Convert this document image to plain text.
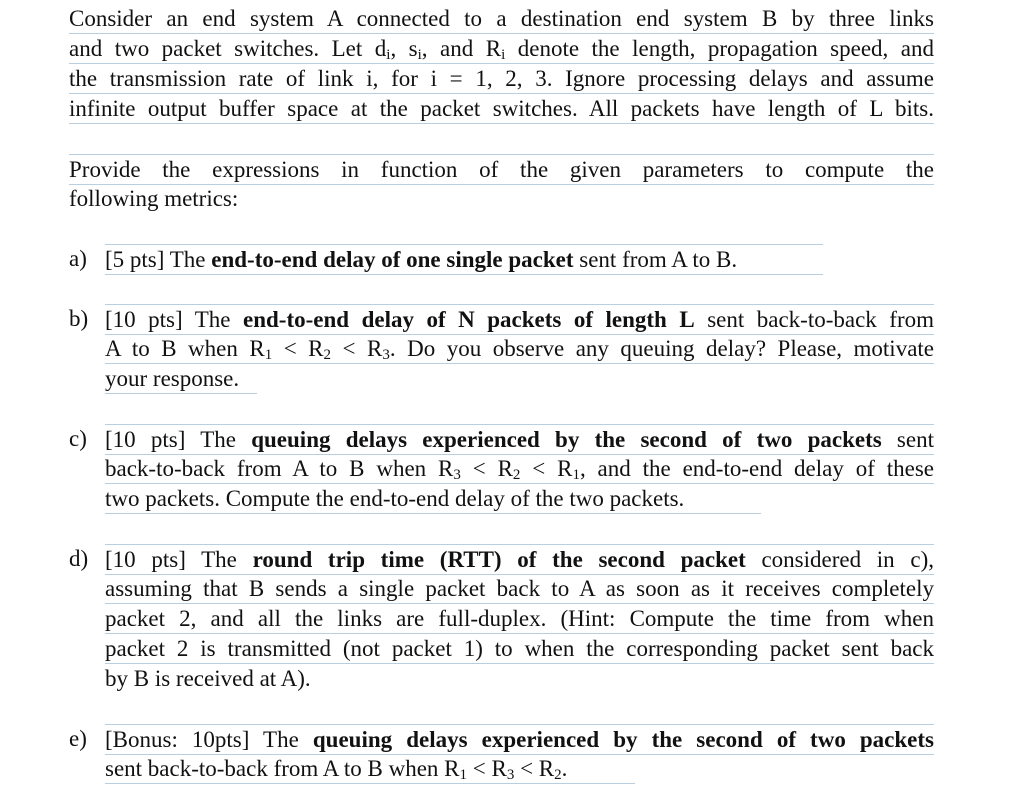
Consider an end system A connected to a destination end system B by three links
and two packet switches. Let $d_i$, $s_i$, and $R_i$ denote the length, propagation speed, and
the transmission rate of link i, for i = 1, 2, 3. Ignore processing delays and assume
infinite output buffer space at the packet switches. All packets have length of L bits.
Provide the expressions in function of the given parameters to compute the
following metrics:
a) [5 pts] The end-to-end delay of one single packet sent from A to B.
b) [10 pts] The end-to-end delay of N packets of length L sent back-to-back from
A to B when $R_1 < R_2 < R_3$. Do you observe any queuing delay? Please, motivate
your response.
c) [10 pts] The queuing delays experienced by the second of two packets sent
back-to-back from A to B when $R_3 < R_2 < R_1$, and the end-to-end delay of these
two packets. Compute the end-to-end delay of the two packets.
d) [10 pts] The round trip time (RTT) of the second packet considered in c),
assuming that B sends a single packet back to A as soon as it receives completely
packet 2, and all the links are full-duplex. (Hint: Compute the time from when
packet 2 is transmitted (not packet 1) to when the corresponding packet sent back
by B is received at A).
e) [Bonus: 10pts] The queuing delays experienced by the second of two packets
sent back-to-back from A to B when $R_1 < R_3 < R_2$.
